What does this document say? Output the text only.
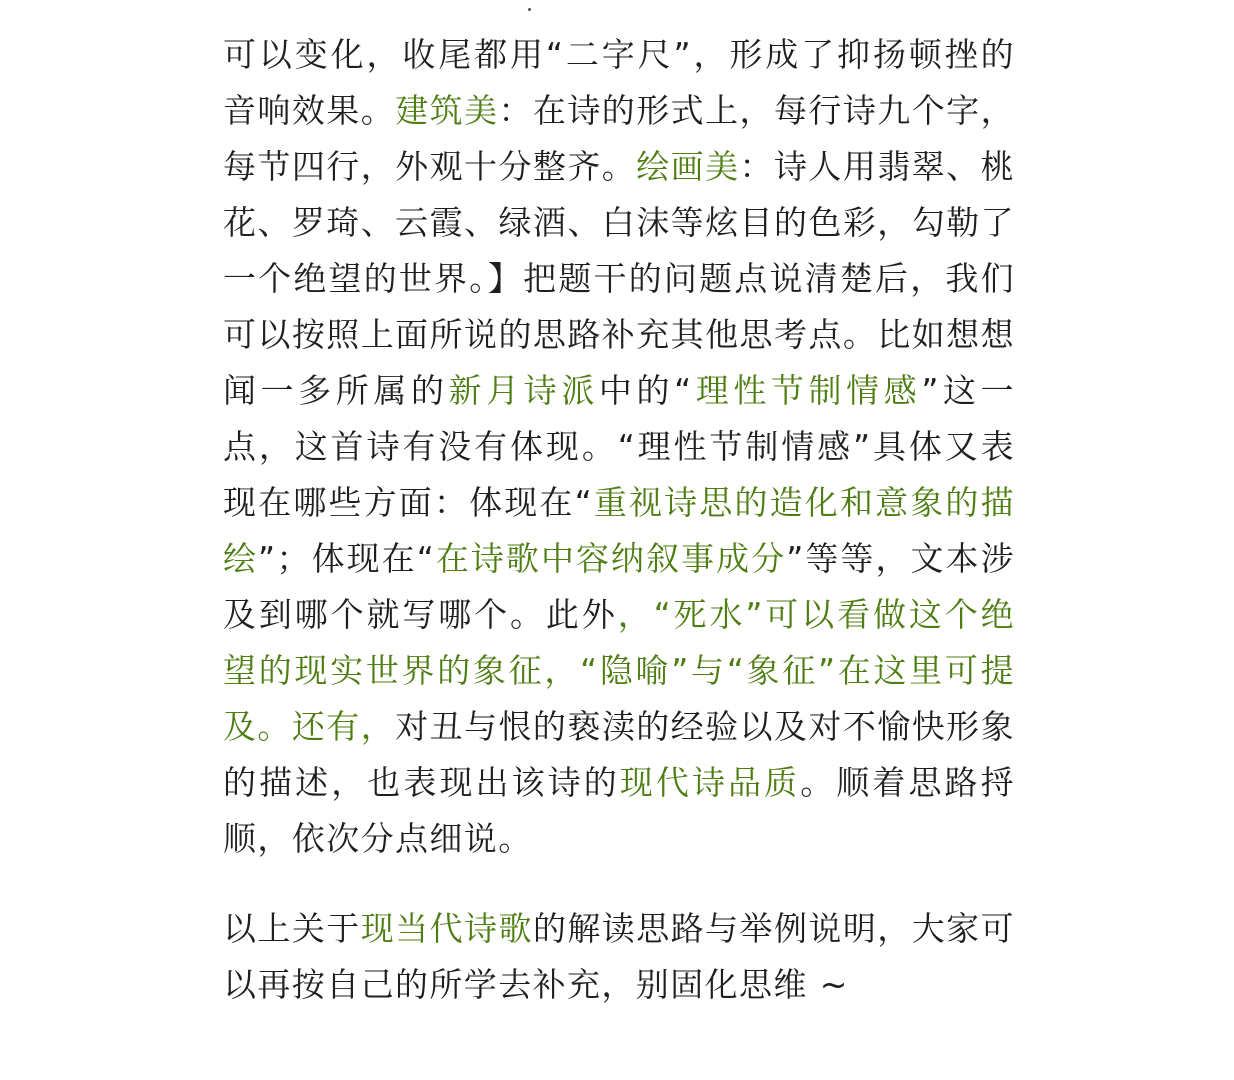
可以变化，收尾都用“二字尺”，形成了抑扬顿挫的音响效果。建筑美：在诗的形式上，每行诗九个字，每节四行，外观十分整齐。绘画美：诗人用翡翠、桃花、罗琦、云霞、绿酒、白沫等炫目的色彩，勾勒了一个绝望的世界。】把题干的问题点说清楚后，我们可以按照上面所说的思路补充其他思考点。比如想想闻一多所属的新月诗派中的“理性节制情感”这一点，这首诗有没有体现。“理性节制情感”具体又表现在哪些方面：体现在“重视诗思的造化和意象的描绘”；体现在“在诗歌中容纳叙事成分”等等，文本涉及到哪个就写哪个。此外，“死水”可以看做这个绝望的现实世界的象征，“隐喻”与“象征”在这里可提及。还有，对丑与恨的亵渎的经验以及对不愉快形象的描述，也表现出该诗的现代诗品质。顺着思路捋顺，依次分点细说。

以上关于现当代诗歌的解读思路与举例说明，大家可以再按自己的所学去补充，别固化思维 ~
